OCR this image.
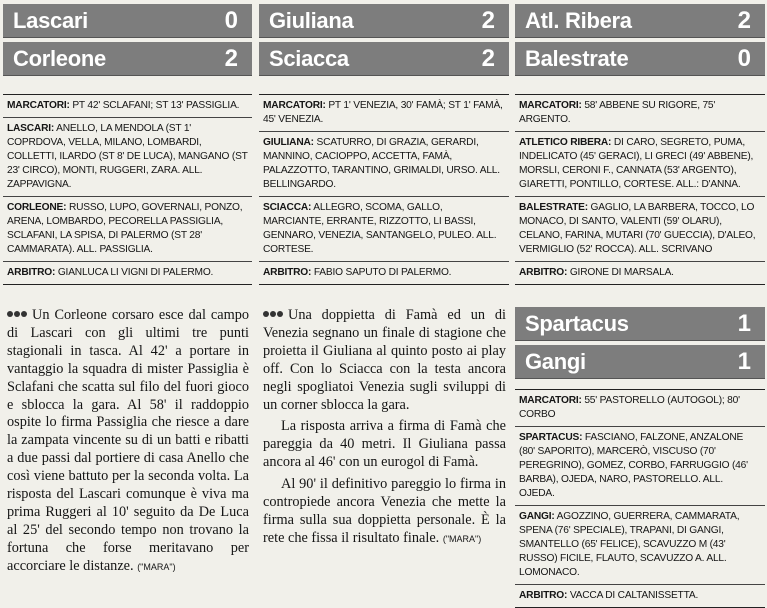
Lascari	0
Corleone	2
MARCATORI: PT 42' SCLAFANI; ST 13' PASSIGLIA.
LASCARI: ANELLO, LA MENDOLA (ST 1' COPRDOVA, VELLA, MILANO, LOMBARDI, COLLETTI, ILARDO (ST 8' DE LUCA), MANGANO (ST 23' CIRCO), MONTI, RUGGERI, ZARA. ALL. ZAPPAVIGNA.
CORLEONE: RUSSO, LUPO, GOVERNALI, PONZO, ARENA, LOMBARDO, PECORELLA PASSIGLIA, SCLAFANI, LA SPISA, DI PALERMO (ST 28' CAMMARATA). ALL. PASSIGLIA.
ARBITRO: GIANLUCA LI VIGNI DI PALERMO.

Un Corleone corsaro esce dal campo di Lascari con gli ultimi tre punti stagionali in tasca. Al 42' a portare in vantaggio la squadra di mister Passiglia è Sclafani che scatta sul filo del fuori gioco e sblocca la gara. Al 58' il raddoppio ospite lo firma Passiglia che riesce a dare la zampata vincente su di un batti e ribatti a due passi dal portiere di casa Anello che così viene battuto per la seconda volta. La risposta del Lascari comunque è viva ma prima Ruggeri al 10' seguito da De Luca al 25' del secondo tempo non trovano la fortuna che forse meritavano per accorciare le distanze. ("MARA")

Giuliana	2
Sciacca	2
MARCATORI: PT 1' VENEZIA, 30' FAMÀ; ST 1' FAMÀ, 45' VENEZIA.
GIULIANA: SCATURRO, DI GRAZIA, GERARDI, MANNINO, CACIOPPO, ACCETTA, FAMÀ, PALAZZOTTO, TARANTINO, GRIMALDI, URSO. ALL. BELLINGARDO.
SCIACCA: ALLEGRO, SCOMA, GALLO, MARCIANTE, ERRANTE, RIZZOTTO, LI BASSI, GENNARO, VENEZIA, SANTANGELO, PULEO. ALL. CORTESE.
ARBITRO: FABIO SAPUTO DI PALERMO.

Una doppietta di Famà ed un di Venezia segnano un finale di stagione che proietta il Giuliana al quinto posto ai play off. Con lo Sciacca con la testa ancora negli spogliatoi Venezia sugli sviluppi di un corner sblocca la gara.

La risposta arriva a firma di Famà che pareggia da 40 metri. Il Giuliana passa ancora al 46' con un eurogol di Famà.

Al 90' il definitivo pareggio lo firma in contropiede ancora Venezia che mette la firma sulla sua doppietta personale. È la rete che fissa il risultato finale. ("MARA")

Atl. Ribera	2
Balestrate	0
MARCATORI: 58' ABBENE SU RIGORE, 75' ARGENTO.
ATLETICO RIBERA: DI CARO, SEGRETO, PUMA, INDELICATO (45' GERACI), LI GRECI (49' ABBENE), MORSLI, CERONI F., CANNATA (53' ARGENTO), GIARETTI, PONTILLO, CORTESE. ALL.: D'ANNA.
BALESTRATE: GAGLIO, LA BARBERA, TOCCO, LO MONACO, DI SANTO, VALENTI (59' OLARU), CELANO, FARINA, MUTARI (70' GUECCIA), D'ALEO, VERMIGLIO (52' ROCCA). ALL. SCRIVANO
ARBITRO: GIRONE DI MARSALA.
Spartacus	1
Gangi	1
MARCATORI: 55' PASTORELLO (AUTOGOL); 80' CORBO
SPARTACUS: FASCIANO, FALZONE, ANZALONE (80' SAPORITO), MARCERÒ, VISCUSO (70' PEREGRINO), GOMEZ, CORBO, FARRUGGIO (46' BARBA), OJEDA, NARO, PASTORELLO. ALL. OJEDA.
GANGI: AGOZZINO, GUERRERA, CAMMARATA, SPENA (76' SPECIALE), TRAPANI, DI GANGI, SMANTELLO (65' FELICE), SCAVUZZO M (43' RUSSO) FICILE, FLAUTO, SCAVUZZO A. ALL. LOMONACO.
ARBITRO: VACCA DI CALTANISSETTA.
